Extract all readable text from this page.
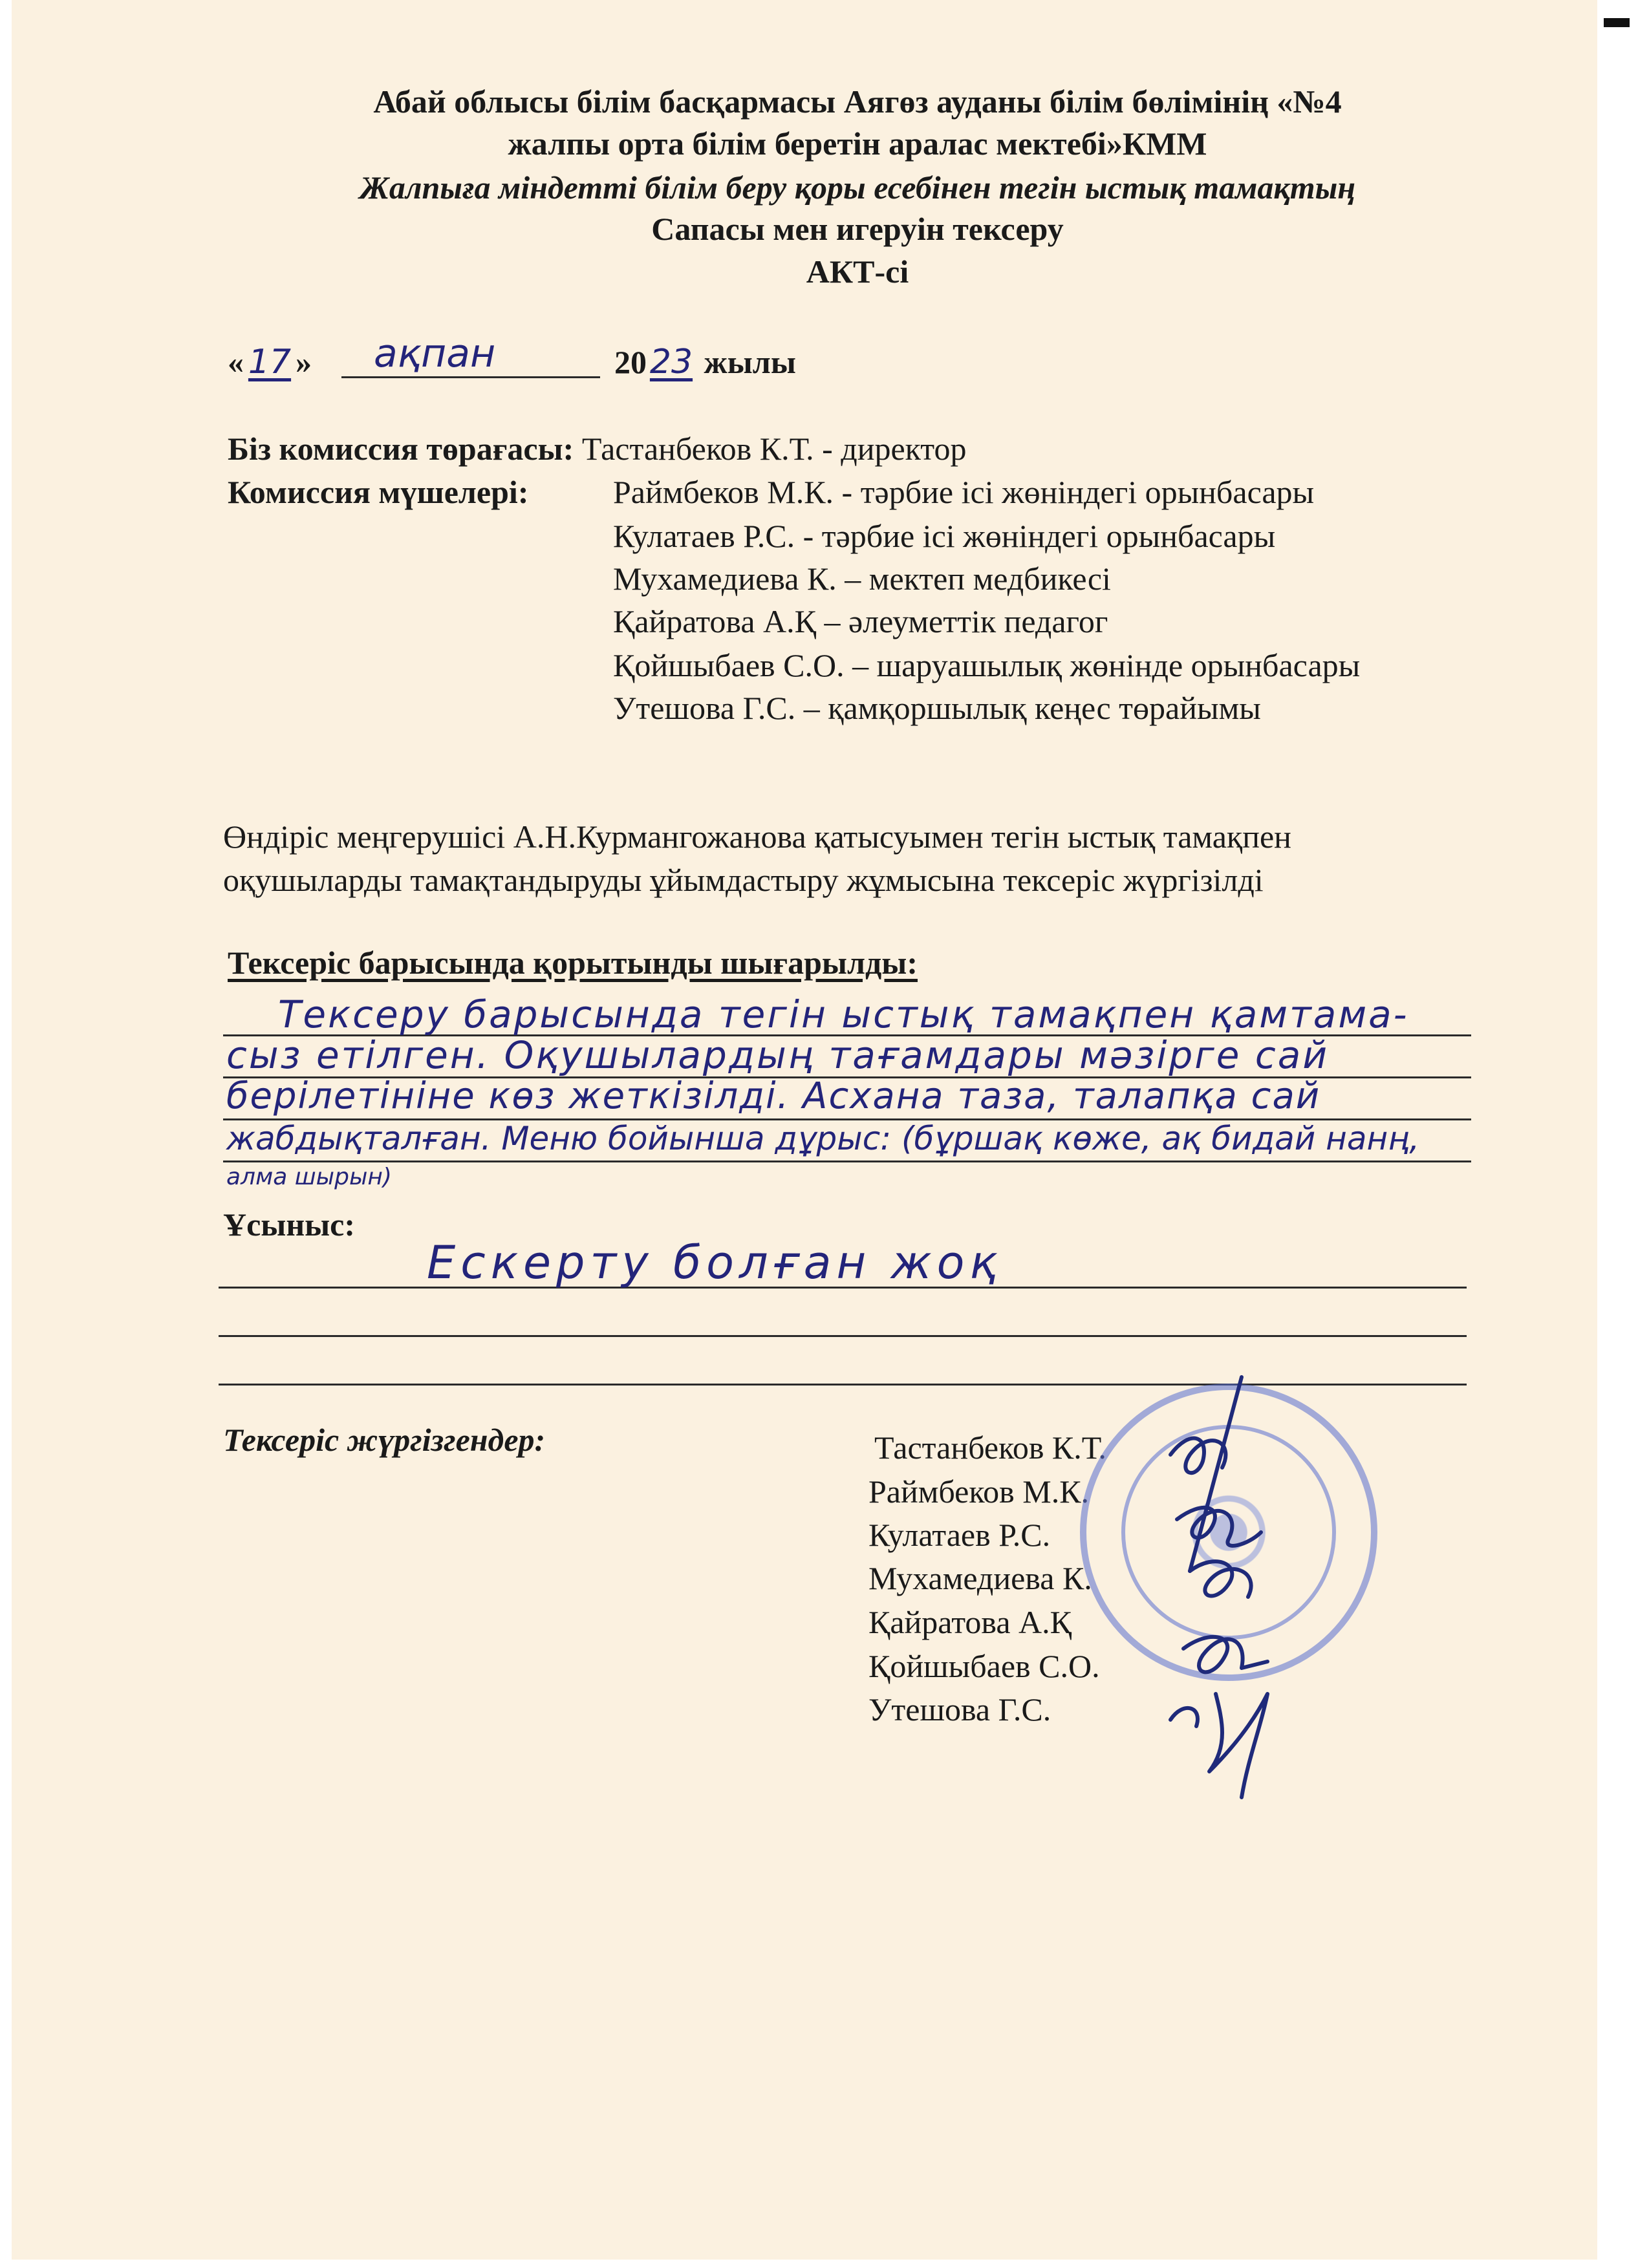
Абай облысы білім басқармасы Аягөз ауданы білім бөлімінің «№4
жалпы орта білім беретін аралас мектебі»КММ
Жалпыға міндетті білім беру қоры есебінен тегін ыстық тамақтың
Сапасы мен игеруін тексеру
АКТ-сі
« 17 »	ақпан	2023 жылы
Біз комиссия төрағасы: Тастанбеков К.Т. - директор
Комиссия мүшелері:	Раймбеков М.К. - тәрбие ісі жөніндегі орынбасары
Кулатаев Р.С. - тәрбие ісі жөніндегі орынбасары
Мухамедиева К. – мектеп медбикесі
Қайратова А.Қ – әлеуметтік педагог
Қойшыбаев С.О. – шаруашылық жөнінде орынбасары
Утешова Г.С. – қамқоршылық кеңес төрайымы
Өндіріс меңгерушісі А.Н.Курмангожанова қатысуымен тегін ыстық тамақпен
оқушыларды тамақтандыруды ұйымдастыру жұмысына тексеріс жүргізілді
Тексеріс барысында қорытынды шығарылды:
Тексеру барысында тегін ыстық тамақпен қамтама-
сыз етілген. Оқушылардың тағамдары мәзірге сай
берілетініне көз жеткізілді. Асхана таза, талапқа сай
жабдықталған. Меню бойынша дұрыс: (бұршақ көже, ақ бидай нанң,
алма шырын)
Ұсыныс:
Ескерту болған жоқ
Тексеріс жүргізгендер:	Тастанбеков К.Т.
Раймбеков М.К.
Кулатаев Р.С.
Мухамедиева К.
Қайратова А.Қ
Қойшыбаев С.О.
Утешова Г.С.
